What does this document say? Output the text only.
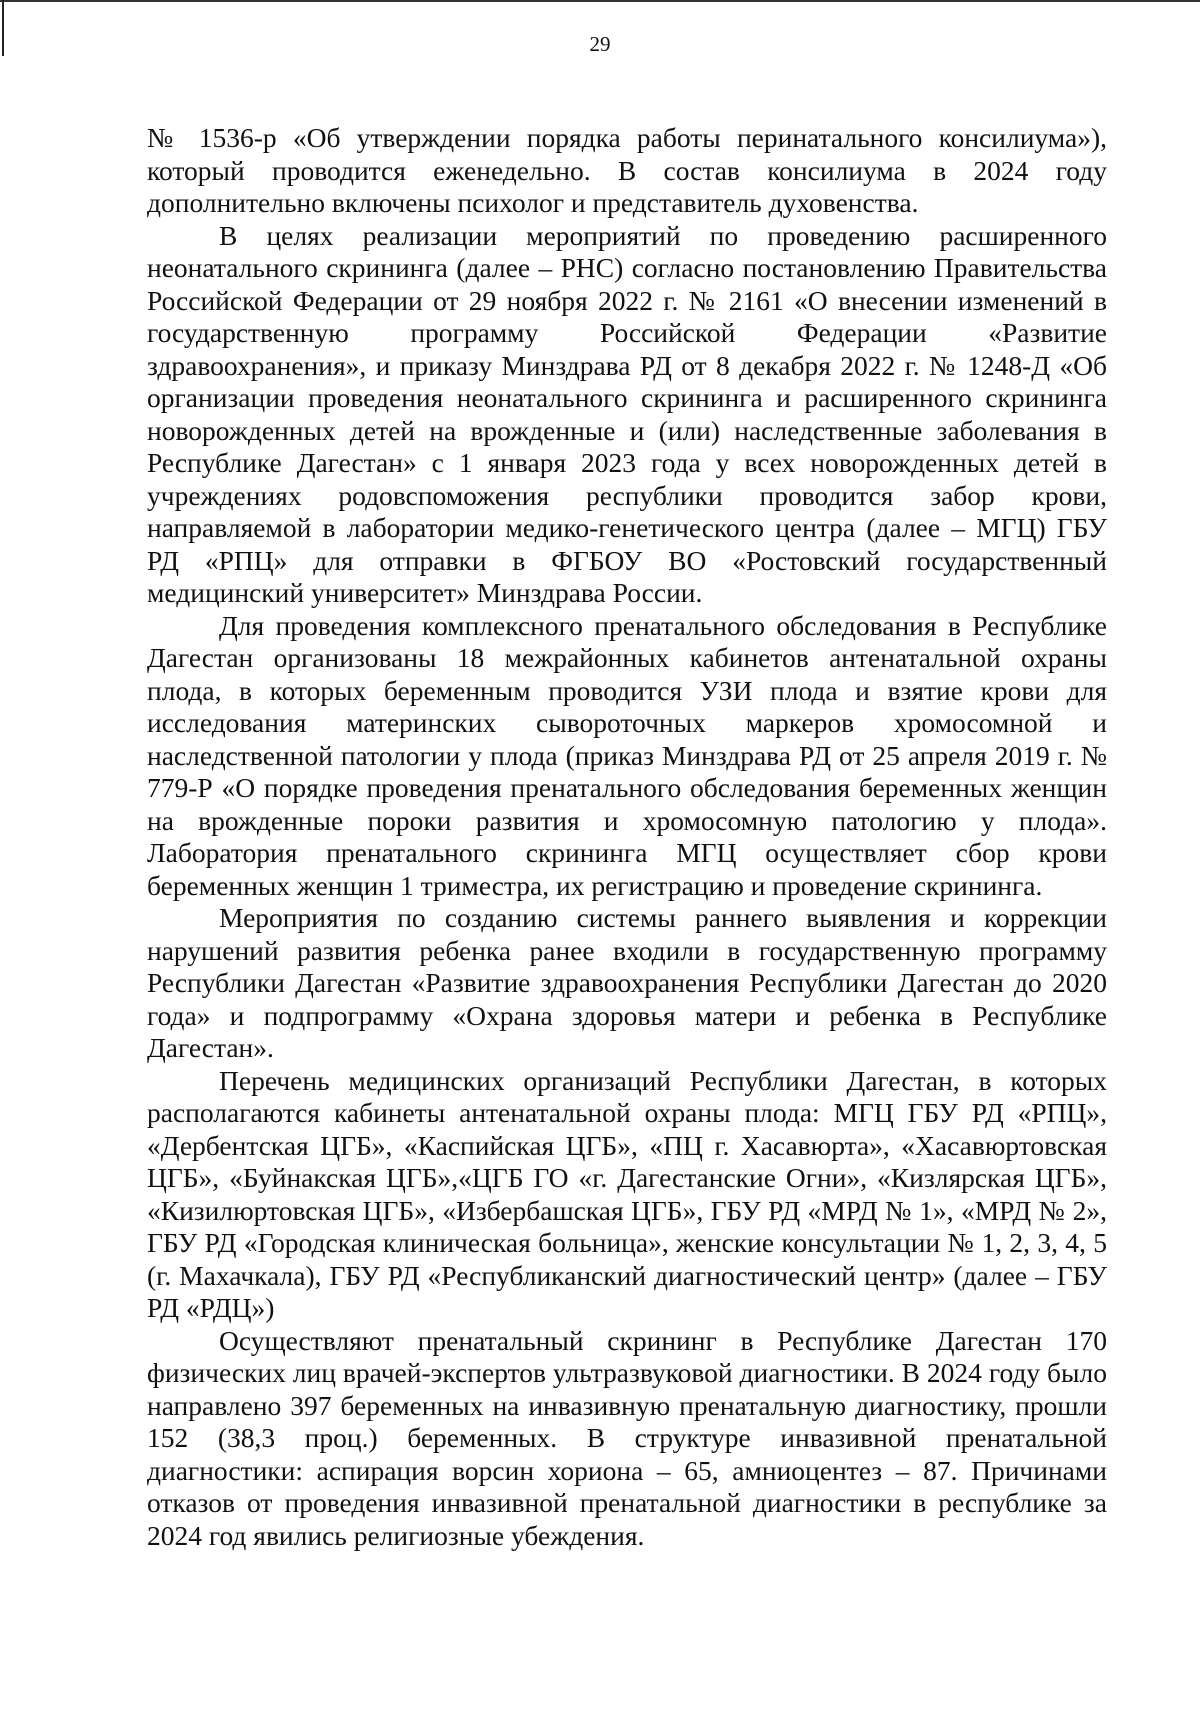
29

№ 1536-р «Об утверждении порядка работы перинатального консилиума»), который проводится еженедельно. В состав консилиума в 2024 году дополнительно включены психолог и представитель духовенства.

В целях реализации мероприятий по проведению расширенного неонатального скрининга (далее – РНС) согласно постановлению Правительства Российской Федерации от 29 ноября 2022 г. № 2161 «О внесении изменений в государственную программу Российской Федерации «Развитие здравоохранения», и приказу Минздрава РД от 8 декабря 2022 г. № 1248-Д «Об организации проведения неонатального скрининга и расширенного скрининга новорожденных детей на врожденные и (или) наследственные заболевания в Республике Дагестан» с 1 января 2023 года у всех новорожденных детей в учреждениях родовспоможения республики проводится забор крови, направляемой в лаборатории медико-генетического центра (далее – МГЦ) ГБУ РД «РПЦ» для отправки в ФГБОУ ВО «Ростовский государственный медицинский университет» Минздрава России.

Для проведения комплексного пренатального обследования в Республике Дагестан организованы 18 межрайонных кабинетов антенатальной охраны плода, в которых беременным проводится УЗИ плода и взятие крови для исследования материнских сывороточных маркеров хромосомной и наследственной патологии у плода (приказ Минздрава РД от 25 апреля 2019 г. № 779-Р «О порядке проведения пренатального обследования беременных женщин на врожденные пороки развития и хромосомную патологию у плода». Лаборатория пренатального скрининга МГЦ осуществляет сбор крови беременных женщин 1 триместра, их регистрацию и проведение скрининга.

Мероприятия по созданию системы раннего выявления и коррекции нарушений развития ребенка ранее входили в государственную программу Республики Дагестан «Развитие здравоохранения Республики Дагестан до 2020 года» и подпрограмму «Охрана здоровья матери и ребенка в Республике Дагестан».

Перечень медицинских организаций Республики Дагестан, в которых располагаются кабинеты антенатальной охраны плода: МГЦ ГБУ РД «РПЦ», «Дербентская ЦГБ», «Каспийская ЦГБ», «ПЦ г. Хасавюрта», «Хасавюртовская ЦГБ», «Буйнакская ЦГБ»,«ЦГБ ГО «г. Дагестанские Огни», «Кизлярская ЦГБ», «Кизилюртовская ЦГБ», «Избербашская ЦГБ», ГБУ РД «МРД № 1», «МРД № 2», ГБУ РД «Городская клиническая больница», женские консультации № 1, 2, 3, 4, 5 (г. Махачкала), ГБУ РД «Республиканский диагностический центр» (далее – ГБУ РД «РДЦ»)

Осуществляют пренатальный скрининг в Республике Дагестан 170 физических лиц врачей-экспертов ультразвуковой диагностики. В 2024 году было направлено 397 беременных на инвазивную пренатальную диагностику, прошли 152 (38,3 проц.) беременных. В структуре инвазивной пренатальной диагностики: аспирация ворсин хориона – 65, амниоцентез – 87. Причинами отказов от проведения инвазивной пренатальной диагностики в республике за 2024 год явились религиозные убеждения.
